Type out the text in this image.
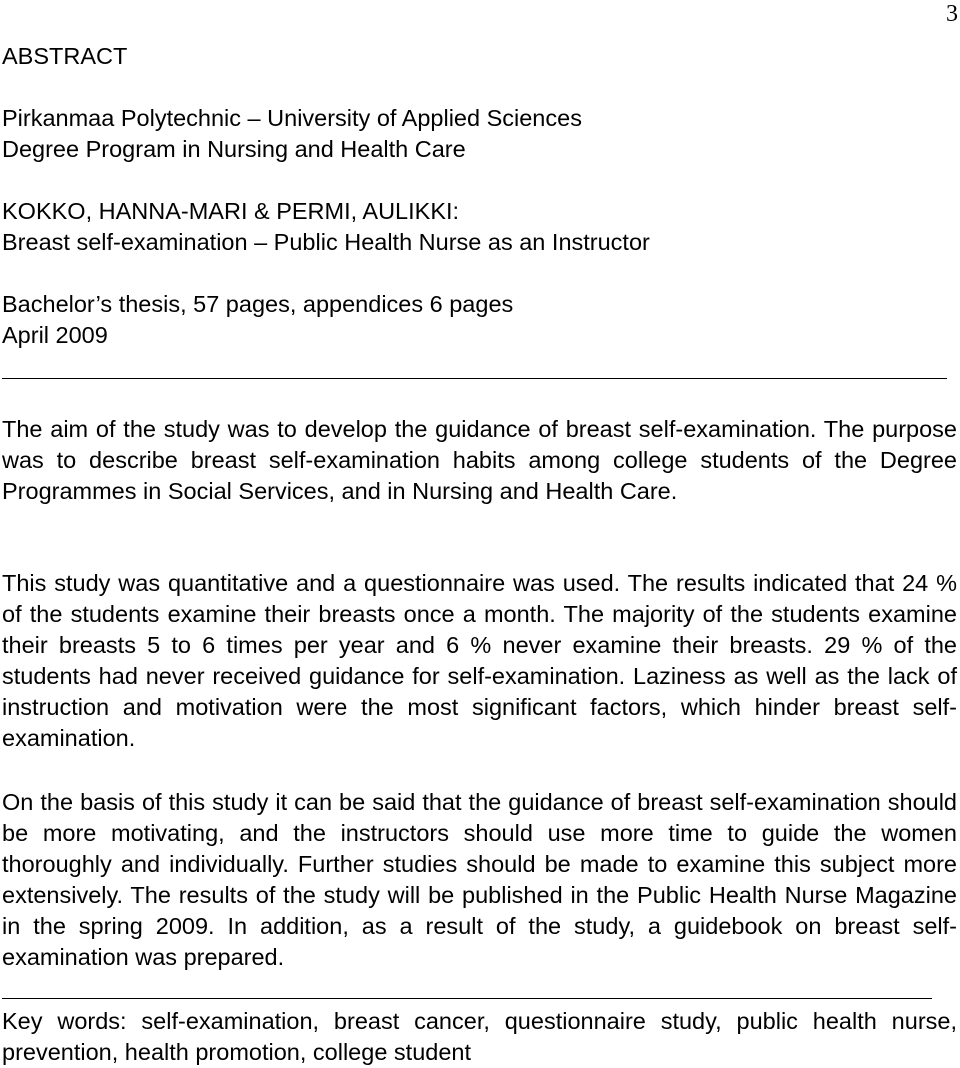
3
ABSTRACT
Pirkanmaa Polytechnic – University of Applied Sciences
Degree Program in Nursing and Health Care
KOKKO, HANNA-MARI & PERMI, AULIKKI:
Breast self-examination – Public Health Nurse as an Instructor
Bachelor’s thesis, 57 pages, appendices 6 pages
April 2009
The aim of the study was to develop the guidance of breast self-examination. The purpose was to describe breast self-examination habits among college students of the Degree Programmes in Social Services, and in Nursing and Health Care.
This study was quantitative and a questionnaire was used. The results indicated that 24 % of the students examine their breasts once a month. The majority of the students examine their breasts 5 to 6 times per year and 6 % never examine their breasts. 29 % of the students had never received guidance for self-examination. Laziness as well as the lack of instruction and motivation were the most significant factors, which hinder breast self-examination.
On the basis of this study it can be said that the guidance of breast self-examination should be more motivating, and the instructors should use more time to guide the women thoroughly and individually. Further studies should be made to examine this subject more extensively. The results of the study will be published in the Public Health Nurse Magazine in the spring 2009. In addition, as a result of the study, a guidebook on breast self-examination was prepared.
Key words: self-examination, breast cancer, questionnaire study, public health nurse, prevention, health promotion, college student
